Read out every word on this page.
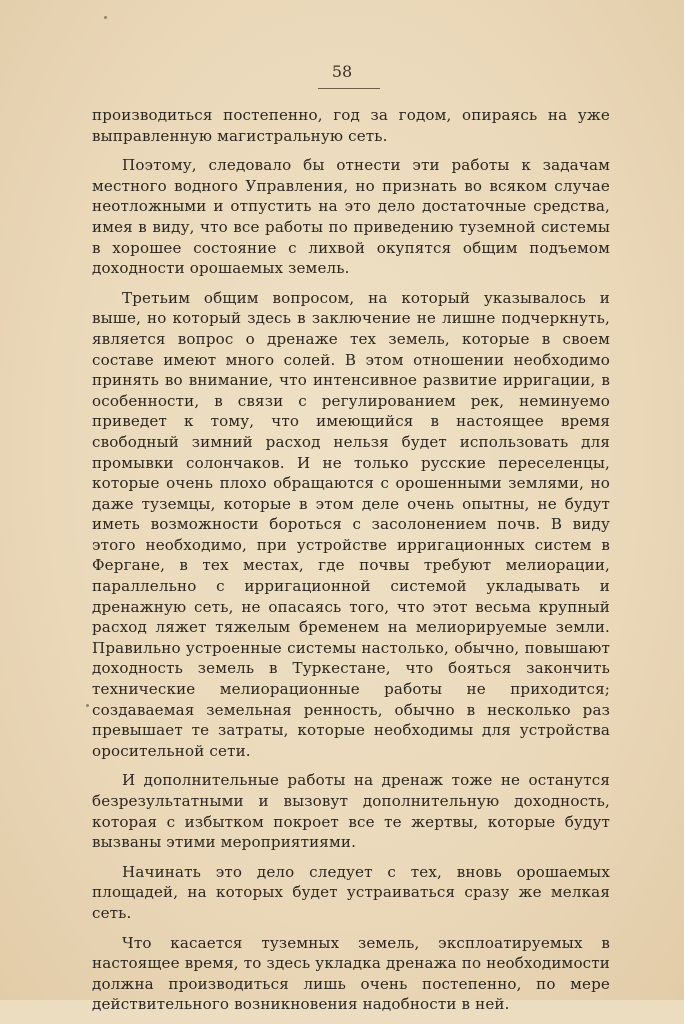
58

производиться постепенно, год за годом, опираясь на уже выправленную магистральную сеть.

Поэтому, следовало бы отнести эти работы к задачам местного водного Управления, но признать во всяком случае неотложными и отпустить на это дело достаточные средства, имея в виду, что все работы по приведению туземной системы в хорошее состояние с лихвой окупятся общим подъемом доходности орошаемых земель.

Третьим общим вопросом, на который указывалось и выше, но который здесь в заключение не лишне подчеркнуть, является вопрос о дренаже тех земель, которые в своем составе имеют много солей. В этом отношении необходимо принять во внимание, что интенсивное развитие ирригации, в особенности, в связи с регулированием рек, неминуемо приведет к тому, что имеющийся в настоящее время свободный зимний расход нельзя будет использовать для промывки солончаков. И не только русские переселенцы, которые очень плохо обращаются с орошенными землями, но даже туземцы, которые в этом деле очень опытны, не будут иметь возможности бороться с засолонением почв. В виду этого необходимо, при устройстве ирригационных систем в Фергане, в тех местах, где почвы требуют мелиорации, параллельно с ирригационной системой укладывать и дренажную сеть, не опасаясь того, что этот весьма крупный расход ляжет тяжелым бременем на мелиорируемые земли. Правильно устроенные системы настолько, обычно, повышают доходность земель в Туркестане, что бояться закончить технические мелиорационные работы не приходится; создаваемая земельная ренность, обычно в несколько раз превышает те затраты, которые необходимы для устройства оросительной сети.

И дополнительные работы на дренаж тоже не останутся безрезультатными и вызовут дополнительную доходность, которая с избытком покроет все те жертвы, которые будут вызваны этими мероприятиями.

Начинать это дело следует с тех, вновь орошаемых площадей, на которых будет устраиваться сразу же мелкая сеть.

Что касается туземных земель, эксплоатируемых в настоящее время, то здесь укладка дренажа по необходимости должна производиться лишь очень постепенно, по мере действительного возникновения надобности в ней.
